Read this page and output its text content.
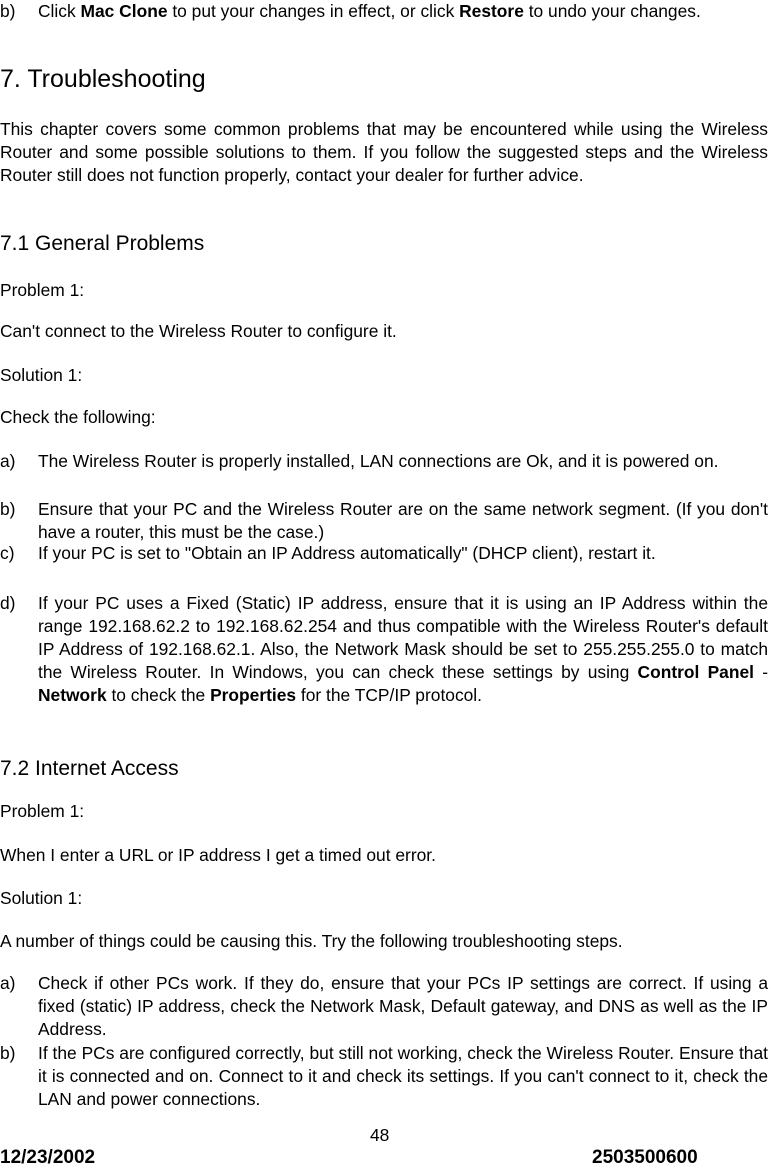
b)	Click Mac Clone to put your changes in effect, or click Restore to undo your changes.
7. Troubleshooting

This chapter covers some common problems that may be encountered while using the Wireless Router and some possible solutions to them. If you follow the suggested steps and the Wireless Router still does not function properly, contact your dealer for further advice.

7.1 General Problems

Problem 1:

Can't connect to the Wireless Router to configure it.

Solution 1:

Check the following:

a)	The Wireless Router is properly installed, LAN connections are Ok, and it is powered on.
b)	Ensure that your PC and the Wireless Router are on the same network segment. (If you don't have a router, this must be the case.)
c)	If your PC is set to "Obtain an IP Address automatically" (DHCP client), restart it.
d)	If your PC uses a Fixed (Static) IP address, ensure that it is using an IP Address within the range 192.168.62.2 to 192.168.62.254 and thus compatible with the Wireless Router's default IP Address of 192.168.62.1. Also, the Network Mask should be set to 255.255.255.0 to match the Wireless Router. In Windows, you can check these settings by using Control Panel - Network to check the Properties for the TCP/IP protocol.
7.2 Internet Access

Problem 1:

When I enter a URL or IP address I get a timed out error.

Solution 1:

A number of things could be causing this. Try the following troubleshooting steps.

a)	Check if other PCs work. If they do, ensure that your PCs IP settings are correct. If using a fixed (static) IP address, check the Network Mask, Default gateway, and DNS as well as the IP Address.
b)	If the PCs are configured correctly, but still not working, check the Wireless Router. Ensure that it is connected and on. Connect to it and check its settings. If you can't connect to it, check the LAN and power connections.
48
12/23/2002	2503500600
